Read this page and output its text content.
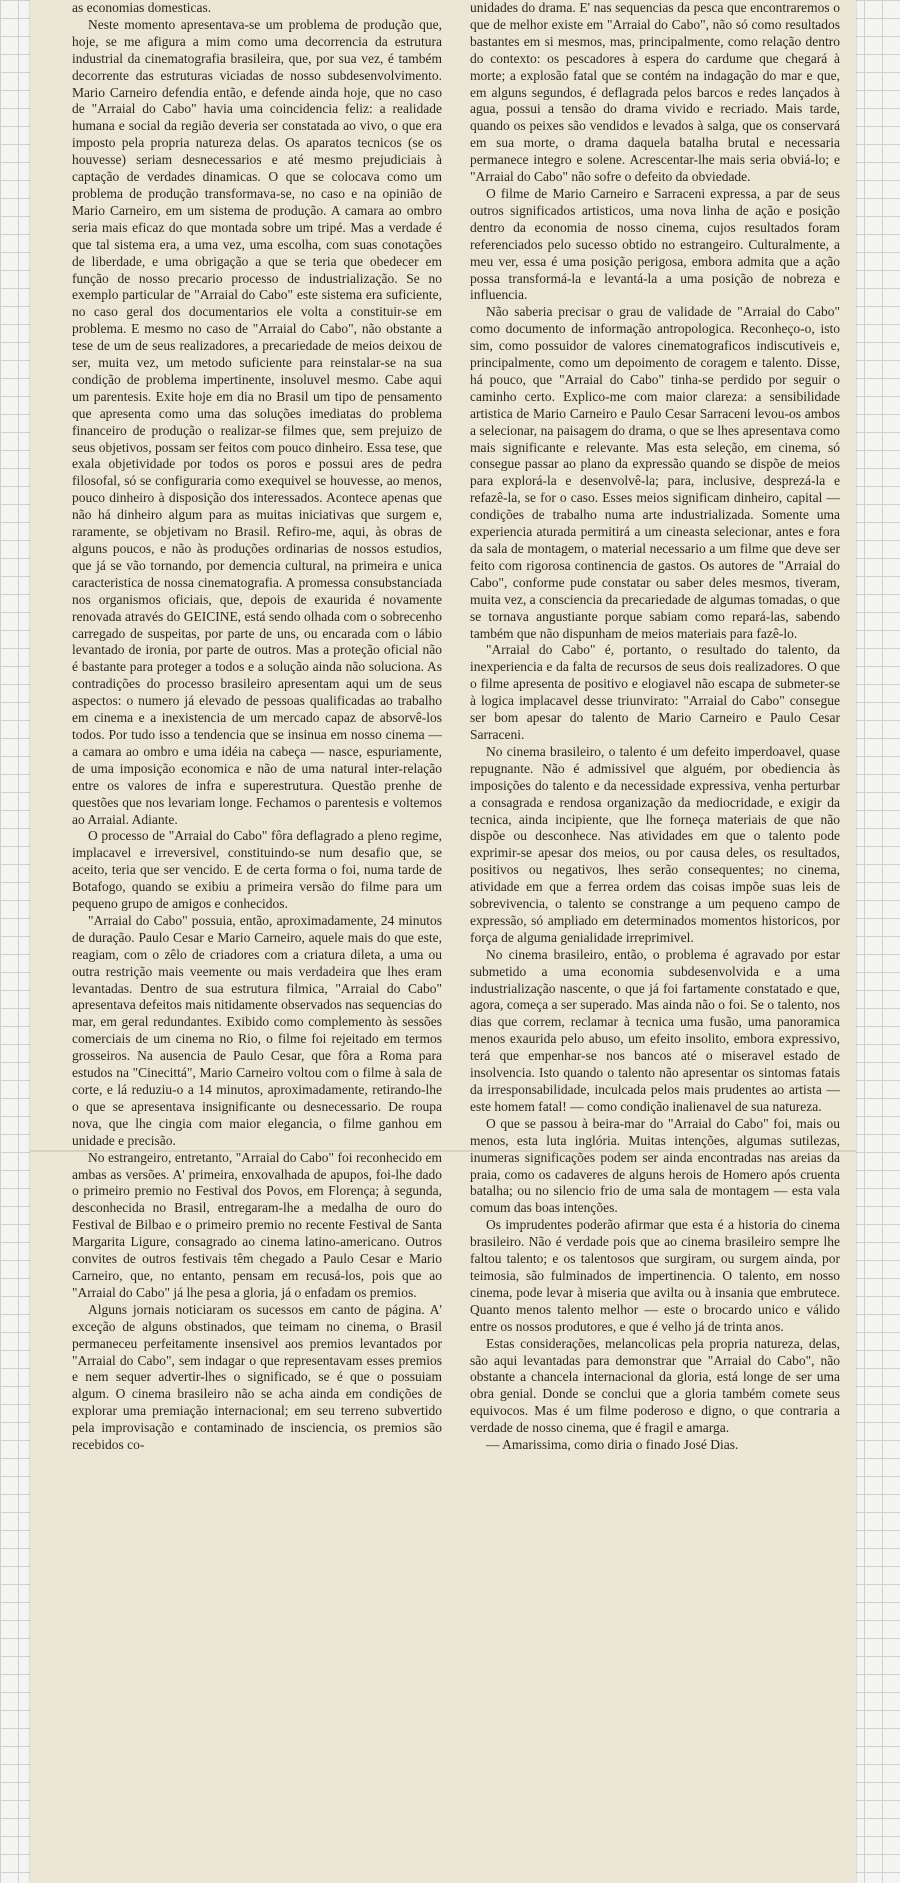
as economias domesticas.

Neste momento apresentava-se um problema de produção que, hoje, se me afigura a mim como uma decorrencia da estrutura industrial da cinematografia brasileira, que, por sua vez, é também decorrente das estruturas viciadas de nosso subdesenvolvimento. Mario Carneiro defendia então, e defende ainda hoje, que no caso de "Arraial do Cabo" havia uma coincidencia feliz: a realidade humana e social da região deveria ser constatada ao vivo, o que era imposto pela propria natureza delas. Os aparatos tecnicos (se os houvesse) seriam desnecessarios e até mesmo prejudiciais à captação de verdades dinamicas. O que se colocava como um problema de produção transformava-se, no caso e na opinião de Mario Carneiro, em um sistema de produção. A camara ao ombro seria mais eficaz do que montada sobre um tripé. Mas a verdade é que tal sistema era, a uma vez, uma escolha, com suas conotações de liberdade, e uma obrigação a que se teria que obedecer em função de nosso precario processo de industrialização. Se no exemplo particular de "Arraial do Cabo" este sistema era suficiente, no caso geral dos documentarios ele volta a constituir-se em problema. E mesmo no caso de "Arraial do Cabo", não obstante a tese de um de seus realizadores, a precariedade de meios deixou de ser, muita vez, um metodo suficiente para reinstalar-se na sua condição de problema impertinente, insoluvel mesmo. Cabe aqui um parentesis. Exite hoje em dia no Brasil um tipo de pensamento que apresenta como uma das soluções imediatas do problema financeiro de produção o realizar-se filmes que, sem prejuizo de seus objetivos, possam ser feitos com pouco dinheiro. Essa tese, que exala objetividade por todos os poros e possui ares de pedra filosofal, só se configuraria como exequivel se houvesse, ao menos, pouco dinheiro à disposição dos interessados. Acontece apenas que não há dinheiro algum para as muitas iniciativas que surgem e, raramente, se objetivam no Brasil. Refiro-me, aqui, às obras de alguns poucos, e não às produções ordinarias de nossos estudios, que já se vão tornando, por demencia cultural, na primeira e unica caracteristica de nossa cinematografia. A promessa consubstanciada nos organismos oficiais, que, depois de exaurida é novamente renovada através do GEICINE, está sendo olhada com o sobrecenho carregado de suspeitas, por parte de uns, ou encarada com o lábio levantado de ironia, por parte de outros. Mas a proteção oficial não é bastante para proteger a todos e a solução ainda não soluciona. As contradições do processo brasileiro apresentam aqui um de seus aspectos: o numero já elevado de pessoas qualificadas ao trabalho em cinema e a inexistencia de um mercado capaz de absorvê-los todos. Por tudo isso a tendencia que se insinua em nosso cinema — a camara ao ombro e uma idéia na cabeça — nasce, espuriamente, de uma imposição economica e não de uma natural inter-relação entre os valores de infra e superestrutura. Questão prenhe de questões que nos levariam longe. Fechamos o parentesis e voltemos ao Arraial. Adiante.

O processo de "Arraial do Cabo" fôra deflagrado a pleno regime, implacavel e irreversivel, constituindo-se num desafio que, se aceito, teria que ser vencido. E de certa forma o foi, numa tarde de Botafogo, quando se exibiu a primeira versão do filme para um pequeno grupo de amigos e conhecidos.

"Arraial do Cabo" possuia, então, aproximadamente, 24 minutos de duração. Paulo Cesar e Mario Carneiro, aquele mais do que este, reagiam, com o zêlo de criadores com a criatura dileta, a uma ou outra restrição mais veemente ou mais verdadeira que lhes eram levantadas. Dentro de sua estrutura filmica, "Arraial do Cabo" apresentava defeitos mais nitidamente observados nas sequencias do mar, em geral redundantes. Exibido como complemento às sessões comerciais de um cinema no Rio, o filme foi rejeitado em termos grosseiros. Na ausencia de Paulo Cesar, que fôra a Roma para estudos na "Cinecittá", Mario Carneiro voltou com o filme à sala de corte, e lá reduziu-o a 14 minutos, aproximadamente, retirando-lhe o que se apresentava insignificante ou desnecessario. De roupa nova, que lhe cingia com maior elegancia, o filme ganhou em unidade e precisão.

No estrangeiro, entretanto, "Arraial do Cabo" foi reconhecido em ambas as versões. A' primeira, enxovalhada de apupos, foi-lhe dado o primeiro premio no Festival dos Povos, em Florença; à segunda, desconhecida no Brasil, entregaram-lhe a medalha de ouro do Festival de Bilbao e o primeiro premio no recente Festival de Santa Margarita Ligure, consagrado ao cinema latino-americano. Outros convites de outros festivais têm chegado a Paulo Cesar e Mario Carneiro, que, no entanto, pensam em recusá-los, pois que ao "Arraial do Cabo" já lhe pesa a gloria, já o enfadam os premios.

Alguns jornais noticiaram os sucessos em canto de página. A' exceção de alguns obstinados, que teimam no cinema, o Brasil permaneceu perfeitamente insensivel aos premios levantados por "Arraial do Cabo", sem indagar o que representavam esses premios e nem sequer advertir-lhes o significado, se é que o possuiam algum. O cinema brasileiro não se acha ainda em condições de explorar uma premiação internacional; em seu terreno subvertido pela improvisação e contaminado de insciencia, os premios são recebidos co-

unidades do drama. E' nas sequencias da pesca que encontraremos o que de melhor existe em "Arraial do Cabo", não só como resultados bastantes em si mesmos, mas, principalmente, como relação dentro do contexto: os pescadores à espera do cardume que chegará à morte; a explosão fatal que se contém na indagação do mar e que, em alguns segundos, é deflagrada pelos barcos e redes lançados à agua, possui a tensão do drama vivido e recriado. Mais tarde, quando os peixes são vendidos e levados à salga, que os conservará em sua morte, o drama daquela batalha brutal e necessaria permanece integro e solene. Acrescentar-lhe mais seria obviá-lo; e "Arraial do Cabo" não sofre o defeito da obviedade.

O filme de Mario Carneiro e Sarraceni expressa, a par de seus outros significados artisticos, uma nova linha de ação e posição dentro da economia de nosso cinema, cujos resultados foram referenciados pelo sucesso obtido no estrangeiro. Culturalmente, a meu ver, essa é uma posição perigosa, embora admita que a ação possa transformá-la e levantá-la a uma posição de nobreza e influencia.

Não saberia precisar o grau de validade de "Arraial do Cabo" como documento de informação antropologica. Reconheço-o, isto sim, como possuidor de valores cinematograficos indiscutiveis e, principalmente, como um depoimento de coragem e talento. Disse, há pouco, que "Arraial do Cabo" tinha-se perdido por seguir o caminho certo. Explico-me com maior clareza: a sensibilidade artistica de Mario Carneiro e Paulo Cesar Sarraceni levou-os ambos a selecionar, na paisagem do drama, o que se lhes apresentava como mais significante e relevante. Mas esta seleção, em cinema, só consegue passar ao plano da expressão quando se dispõe de meios para explorá-la e desenvolvê-la; para, inclusive, desprezá-la e refazê-la, se for o caso. Esses meios significam dinheiro, capital — condições de trabalho numa arte industrializada. Somente uma experiencia aturada permitirá a um cineasta selecionar, antes e fora da sala de montagem, o material necessario a um filme que deve ser feito com rigorosa continencia de gastos. Os autores de "Arraial do Cabo", conforme pude constatar ou saber deles mesmos, tiveram, muita vez, a consciencia da precariedade de algumas tomadas, o que se tornava angustiante porque sabiam como repará-las, sabendo também que não dispunham de meios materiais para fazê-lo.

"Arraial do Cabo" é, portanto, o resultado do talento, da inexperiencia e da falta de recursos de seus dois realizadores. O que o filme apresenta de positivo e elogiavel não escapa de submeter-se à logica implacavel desse triunvirato: "Arraial do Cabo" consegue ser bom apesar do talento de Mario Carneiro e Paulo Cesar Sarraceni.

No cinema brasileiro, o talento é um defeito imperdoavel, quase repugnante. Não é admissivel que alguém, por obediencia às imposições do talento e da necessidade expressiva, venha perturbar a consagrada e rendosa organização da mediocridade, e exigir da tecnica, ainda incipiente, que lhe forneça materiais de que não dispõe ou desconhece. Nas atividades em que o talento pode exprimir-se apesar dos meios, ou por causa deles, os resultados, positivos ou negativos, lhes serão consequentes; no cinema, atividade em que a ferrea ordem das coisas impõe suas leis de sobrevivencia, o talento se constrange a um pequeno campo de expressão, só ampliado em determinados momentos historicos, por força de alguma genialidade irreprimivel.

No cinema brasileiro, então, o problema é agravado por estar submetido a uma economia subdesenvolvida e a uma industrialização nascente, o que já foi fartamente constatado e que, agora, começa a ser superado. Mas ainda não o foi. Se o talento, nos dias que correm, reclamar à tecnica uma fusão, uma panoramica menos exaurida pelo abuso, um efeito insolito, embora expressivo, terá que empenhar-se nos bancos até o miseravel estado de insolvencia. Isto quando o talento não apresentar os sintomas fatais da irresponsabilidade, inculcada pelos mais prudentes ao artista — este homem fatal! — como condição inalienavel de sua natureza.

O que se passou à beira-mar do "Arraial do Cabo" foi, mais ou menos, esta luta inglória. Muitas intenções, algumas sutilezas, inumeras significações podem ser ainda encontradas nas areias da praia, como os cadaveres de alguns herois de Homero após cruenta batalha; ou no silencio frio de uma sala de montagem — esta vala comum das boas intenções.

Os imprudentes poderão afirmar que esta é a historia do cinema brasileiro. Não é verdade pois que ao cinema brasileiro sempre lhe faltou talento; e os talentosos que surgiram, ou surgem ainda, por teimosia, são fulminados de impertinencia. O talento, em nosso cinema, pode levar à miseria que avilta ou à insania que embrutece. Quanto menos talento melhor — este o brocardo unico e válido entre os nossos produtores, e que é velho já de trinta anos.

Estas considerações, melancolicas pela propria natureza, delas, são aqui levantadas para demonstrar que "Arraial do Cabo", não obstante a chancela internacional da gloria, está longe de ser uma obra genial. Donde se conclui que a gloria também comete seus equivocos. Mas é um filme poderoso e digno, o que contraria a verdade de nosso cinema, que é fragil e amarga.

— Amarissima, como diria o finado José Dias.
